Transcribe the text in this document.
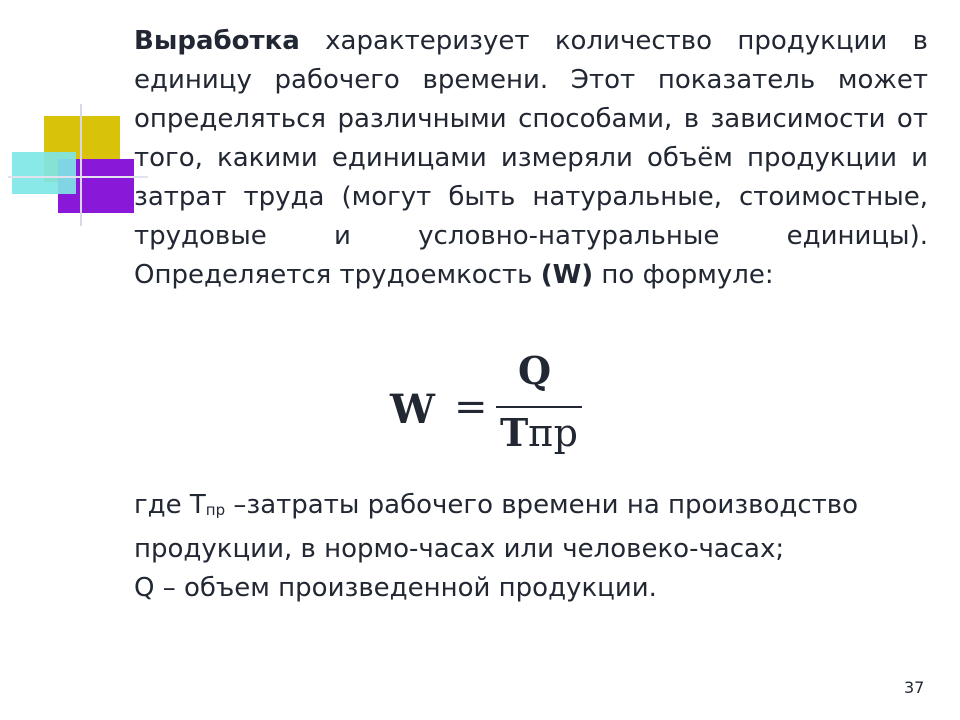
Выработка характеризует количество продукции в единицу рабочего времени. Этот показатель может определяться различными способами, в зависимости от того, какими единицами измеряли объём продукции и затрат труда (могут быть натуральные, стоимостные, трудовые и условно-натуральные единицы). Определяется трудоемкость (W) по формуле:

W =
Q
Тпр

где $Т_{пр}$ –затраты рабочего времени на производство продукции, в нормо-часах или человеко-часах;
Q – объем произведенной продукции.

37
